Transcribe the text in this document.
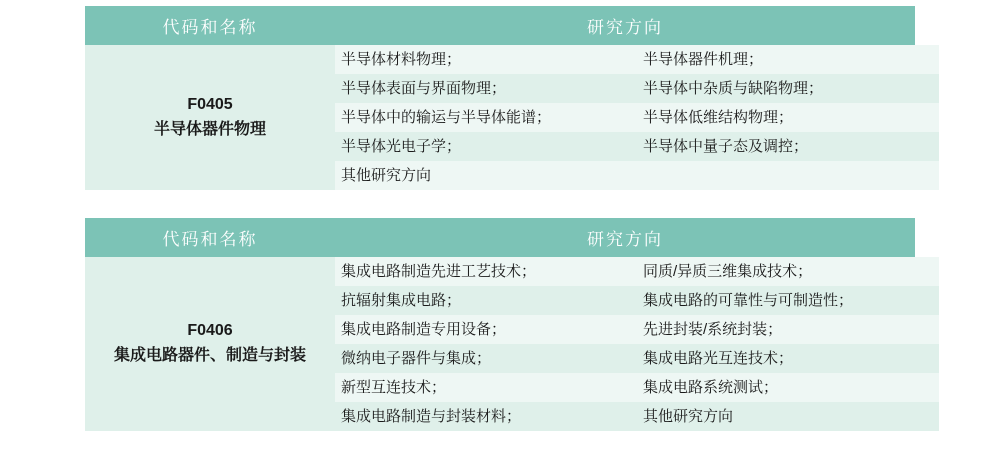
代码和名称	研究方向

F0405
半导体器件物理

半导体材料物理；	半导体器件机理；
半导体表面与界面物理；	半导体中杂质与缺陷物理；
半导体中的输运与半导体能谱；	半导体低维结构物理；
半导体光电子学；	半导体中量子态及调控；
其他研究方向	
代码和名称	研究方向

F0406
集成电路器件、制造与封装

集成电路制造先进工艺技术；	同质/异质三维集成技术；
抗辐射集成电路；	集成电路的可靠性与可制造性；
集成电路制造专用设备；	先进封装/系统封装；
微纳电子器件与集成；	集成电路光互连技术；
新型互连技术；	集成电路系统测试；
集成电路制造与封装材料；	其他研究方向
